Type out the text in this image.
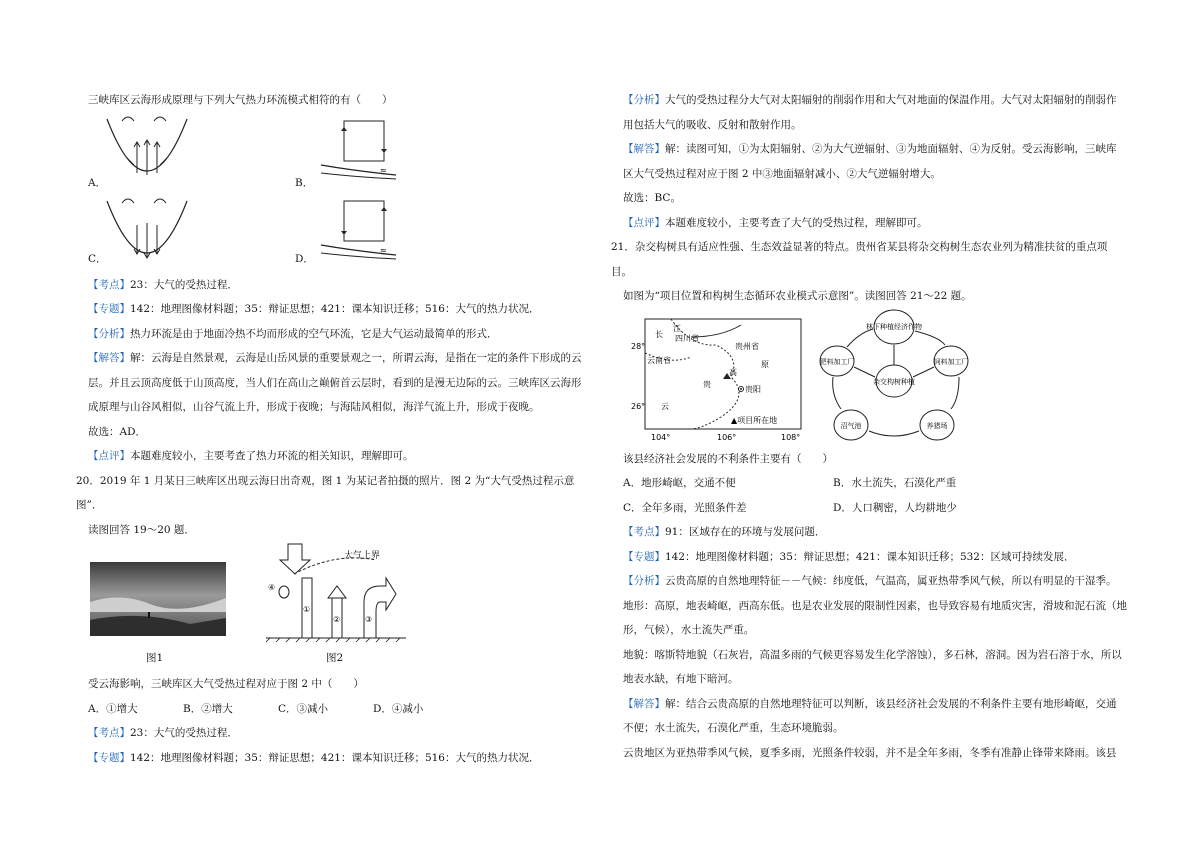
三峡库区云海形成原理与下列大气热力环流模式相符的有（　　）

A．
≈
B．
C．
≈
D．

【考点】23：大气的受热过程．

【专题】142：地理图像材料题；35：辩证思想；421：课本知识迁移；516：大气的热力状况．

【分析】热力环流是由于地面冷热不均而形成的空气环流，它是大气运动最简单的形式．

【解答】解：云海是自然景观，云海是山岳风景的重要景观之一，所谓云海，是指在一定的条件下形成的云

层。并且云顶高度低于山顶高度，当人们在高山之巅俯首云层时，看到的是漫无边际的云。三峡库区云海形

成原理与山谷风相似，山谷气流上升，形成于夜晚；与海陆风相似，海洋气流上升，形成于夜晚。

故选：AD．

【点评】本题难度较小，主要考查了热力环流的相关知识，理解即可。

20．2019 年 1 月某日三峡库区出现云海日出奇观，图 1 为某记者拍摄的照片．图 2 为“大气受热过程示意图”．

读图回答 19～20 题．

图1
大气上界
④
①
②	③
图2

受云海影响，三峡库区大气受热过程对应于图 2 中（　　）

A．①增大	B．②增大	C．③减小	D．④减小

【考点】23：大气的受热过程．

【专题】142：地理图像材料题；35：辩证思想；421：课本知识迁移；516：大气的热力状况．

【分析】大气的受热过程分大气对太阳辐射的削弱作用和大气对地面的保温作用。大气对太阳辐射的削弱作

用包括大气的吸收、反射和散射作用。

【解答】解：读图可知，①为太阳辐射、②为大气逆辐射、③为地面辐射、④为反射。受云海影响，三峡库

区大气受热过程对应于图 2 中③地面辐射减小、②大气逆辐射增大。

故选：BC。

【点评】本题难度较小，主要考查了大气的受热过程，理解即可。

21．杂交构树具有适应性强、生态效益显著的特点。贵州省某县将杂交构树生态农业列为精准扶贫的重点项目。

如图为“项目位置和构树生态循环农业模式示意图”。读图回答 21～22 题。

28°
26°
104°	106°	108°
江
长 四川省
贵州省
云南省	原
高
贵
贵阳
云
▲项目所在地
林下种植经济作物
肥料加工厂	饲料加工厂
杂交构树种植
沼气池	养猪场

该县经济社会发展的不利条件主要有（　　）

A．地形崎岖，交通不便	B．水土流失，石漠化严重
C．全年多雨，光照条件差	D．人口稠密，人均耕地少

【考点】91：区域存在的环境与发展问题．

【专题】142：地理图像材料题；35：辩证思想；421：课本知识迁移；532：区域可持续发展．

【分析】云贵高原的自然地理特征－－气候：纬度低，气温高，属亚热带季风气候，所以有明显的干湿季。

地形：高原，地表崎岖，西高东低。也是农业发展的限制性因素，也导致容易有地质灾害，滑坡和泥石流（地

形，气候），水土流失严重。

地貌：喀斯特地貌（石灰岩，高温多雨的气候更容易发生化学溶蚀），多石林，溶洞。因为岩石溶于水，所以

地表水缺，有地下暗河。

【解答】解：结合云贵高原的自然地理特征可以判断，该县经济社会发展的不利条件主要有地形崎岖，交通

不便；水土流失，石漠化严重，生态环境脆弱。

云贵地区为亚热带季风气候，夏季多雨，光照条件较弱，并不是全年多雨，冬季有准静止锋带来降雨。该县
